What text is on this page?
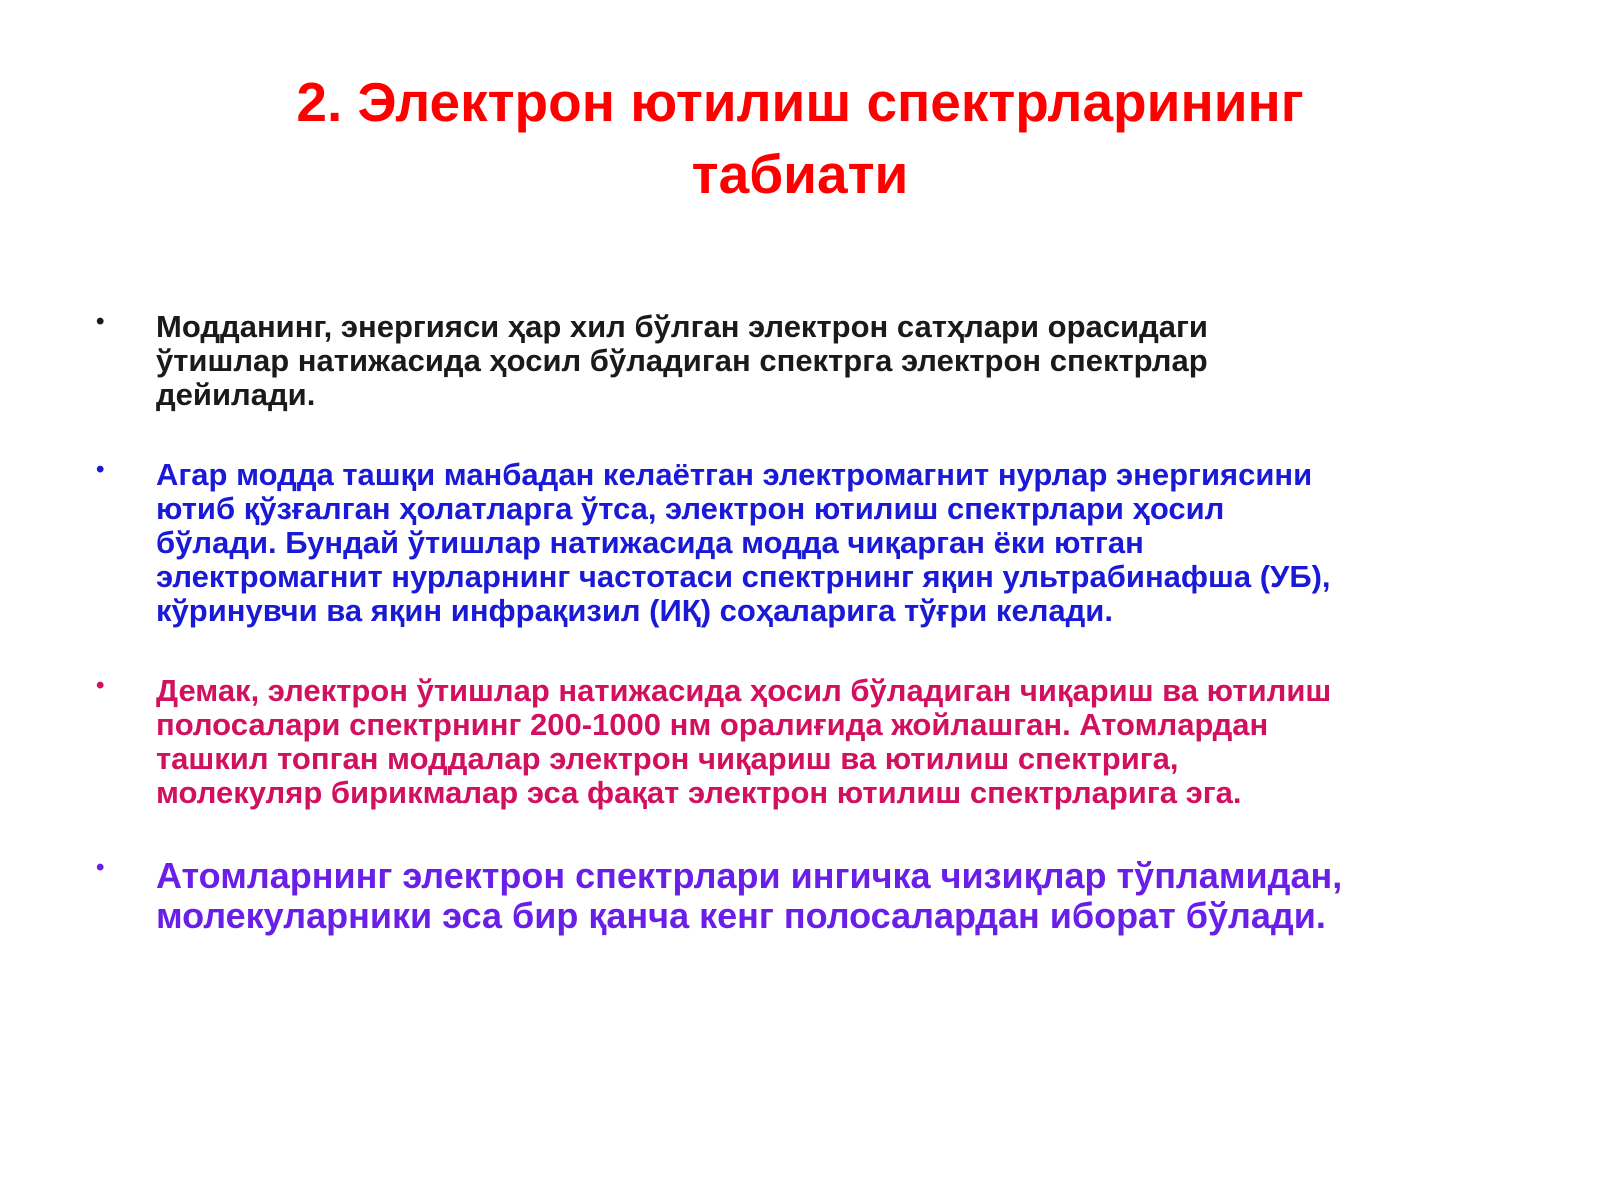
2. Электрон ютилиш спектрларининг
табиати
• Модданинг, энергияси ҳар хил бўлган электрон сатҳлари орасидаги
ўтишлар натижасида ҳосил бўладиган спектрга электрон спектрлар
дейилади.
• Агар модда ташқи манбадан келаётган электромагнит нурлар энергиясини
ютиб қўзғалган ҳолатларга ўтса, электрон ютилиш спектрлари ҳосил
бўлади. Бундай ўтишлар натижасида модда чиқарган ёки ютган
электромагнит нурларнинг частотаси спектрнинг яқин ультрабинафша (УБ),
кўринувчи ва яқин инфрақизил (ИҚ) соҳаларига тўғри келади.
• Демак, электрон ўтишлар натижасида ҳосил бўладиган чиқариш ва ютилиш
полосалари спектрнинг 200-1000 нм оралиғида жойлашган. Атомлардан
ташкил топган моддалар электрон чиқариш ва ютилиш спектрига,
молекуляр бирикмалар эса фақат электрон ютилиш спектрларига эга.
• Атомларнинг электрон спектрлари ингичка чизиқлар тўпламидан,
молекуларники эса бир қанча кенг полосалардан иборат бўлади.
